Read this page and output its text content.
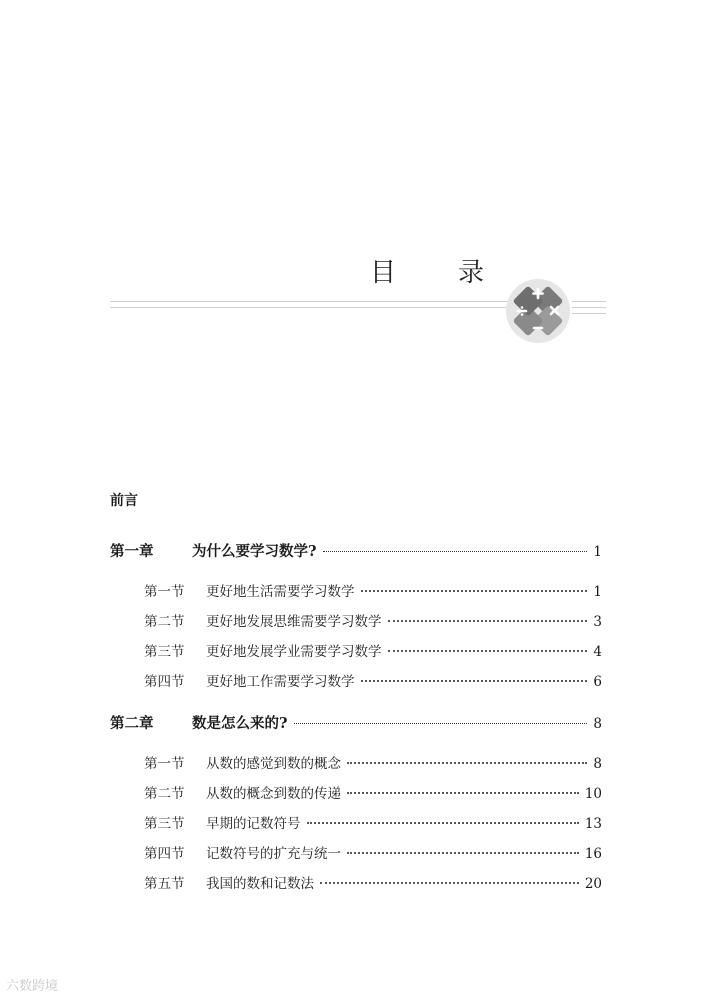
目 录
前言
第一章	为什么要学习数学?	1
第一节	更好地生活需要学习数学	1
第二节	更好地发展思维需要学习数学	3
第三节	更好地发展学业需要学习数学	4
第四节	更好地工作需要学习数学	6
第二章	数是怎么来的?	8
第一节	从数的感觉到数的概念	8
第二节	从数的概念到数的传递	10
第三节	早期的记数符号	13
第四节	记数符号的扩充与统一	16
第五节	我国的数和记数法	20
六数跨境
